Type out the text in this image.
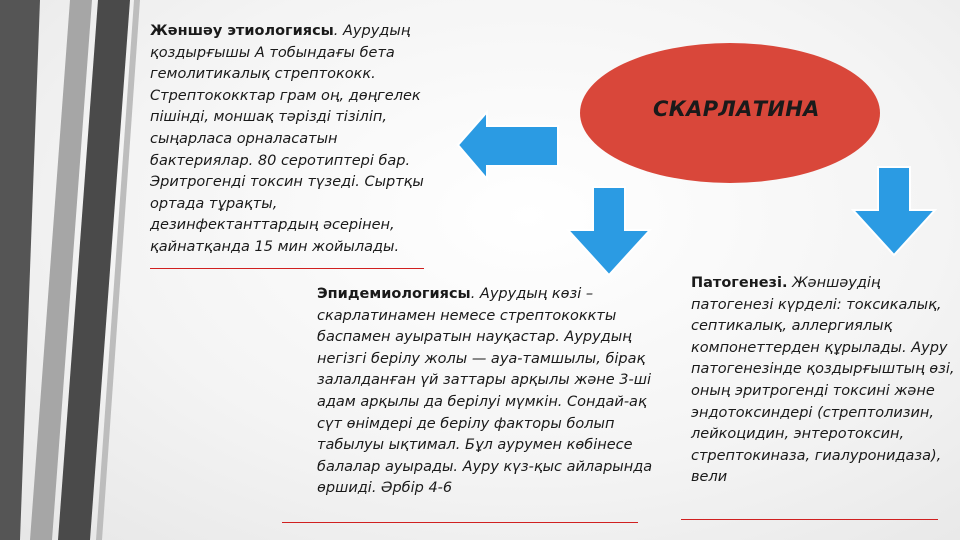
СКАРЛАТИНА
Жәншәу этиологиясы. Аурудың қоздырғышы А тобындағы бета гемолитикалық стрептококк. Стрептококктар грам оң, дөңгелек пішінді, моншақ тәрізді тізіліп, сыңарласа орналасатын бактериялар. 80 серотиптері бар. Эритрогенді токсин түзеді. Сыртқы ортада тұрақты, дезинфектанттардың әсерінен, қайнатқанда 15 мин жойылады.
Эпидемиологиясы. Аурудың көзі – скарлатинамен немесе стрептококкты баспамен ауыратын науқастар. Аурудың негізгі берілу жолы — ауа-тамшылы, бірақ залалданған үй заттары арқылы және 3-ші адам арқылы да берілуі мүмкін. Сондай-ақ сүт өнімдері де берілу факторы болып табылуы ықтимал. Бұл аурумен көбінесе балалар ауырады. Ауру күз-қыс айларында өршиді. Әрбір 4-6
Патогенезі. Жәншәудің патогенезі күрделі: токсикалық, септикалық, аллергиялық компонеттерден құрылады. Ауру патогенезінде қоздырғыштың өзі, оның эритрогенді токсині және эндотоксиндері (стрептолизин, лейкоцидин, энтеротоксин, стрептокиназа, гиалуронидаза), вели
